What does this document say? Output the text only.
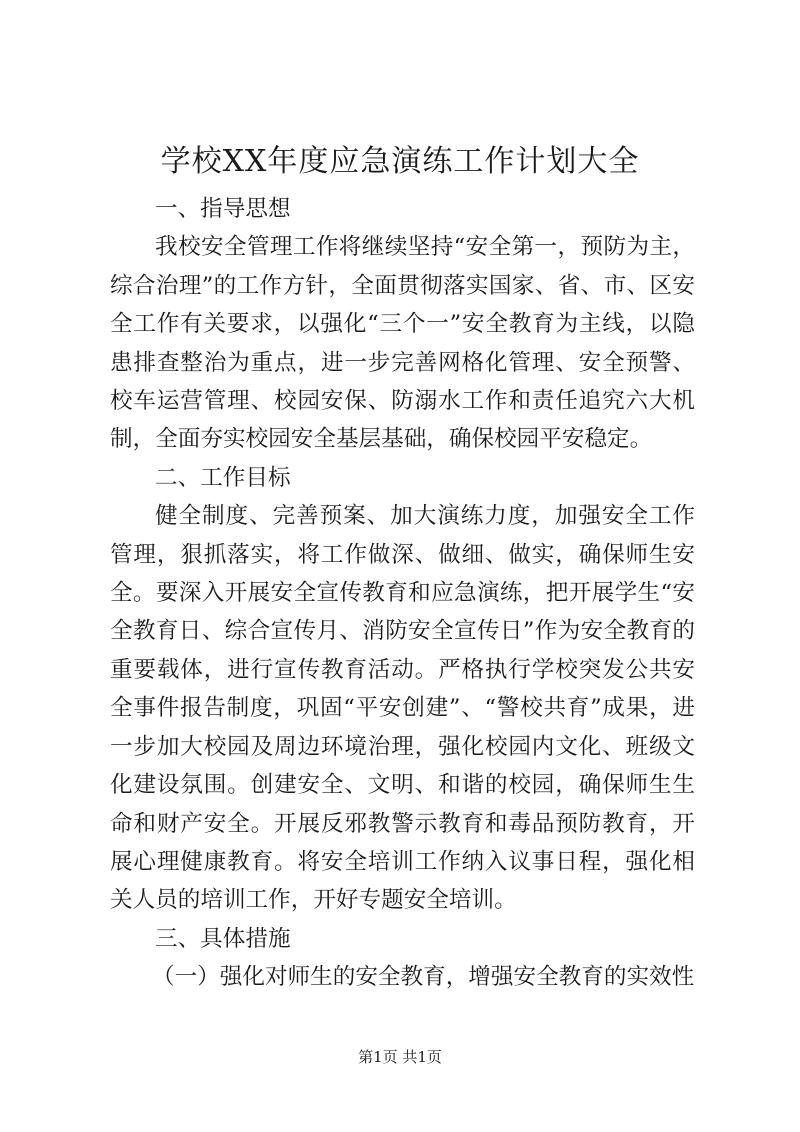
学校XX年度应急演练工作计划大全

一、指导思想

我校安全管理工作将继续坚持“安全第一，预防为主，综合治理”的工作方针，全面贯彻落实国家、省、市、区安全工作有关要求，以强化“三个一”安全教育为主线，以隐患排查整治为重点，进一步完善网格化管理、安全预警、校车运营管理、校园安保、防溺水工作和责任追究六大机制，全面夯实校园安全基层基础，确保校园平安稳定。

二、工作目标

健全制度、完善预案、加大演练力度，加强安全工作管理，狠抓落实，将工作做深、做细、做实，确保师生安全。要深入开展安全宣传教育和应急演练，把开展学生“安全教育日、综合宣传月、消防安全宣传日”作为安全教育的重要载体，进行宣传教育活动。严格执行学校突发公共安全事件报告制度，巩固“平安创建”、“警校共育”成果，进一步加大校园及周边环境治理，强化校园内文化、班级文化建设氛围。创建安全、文明、和谐的校园，确保师生生命和财产安全。开展反邪教警示教育和毒品预防教育，开展心理健康教育。将安全培训工作纳入议事日程，强化相关人员的培训工作，开好专题安全培训。

三、具体措施

（一）强化对师生的安全教育，增强安全教育的实效性

第1页 共1页
